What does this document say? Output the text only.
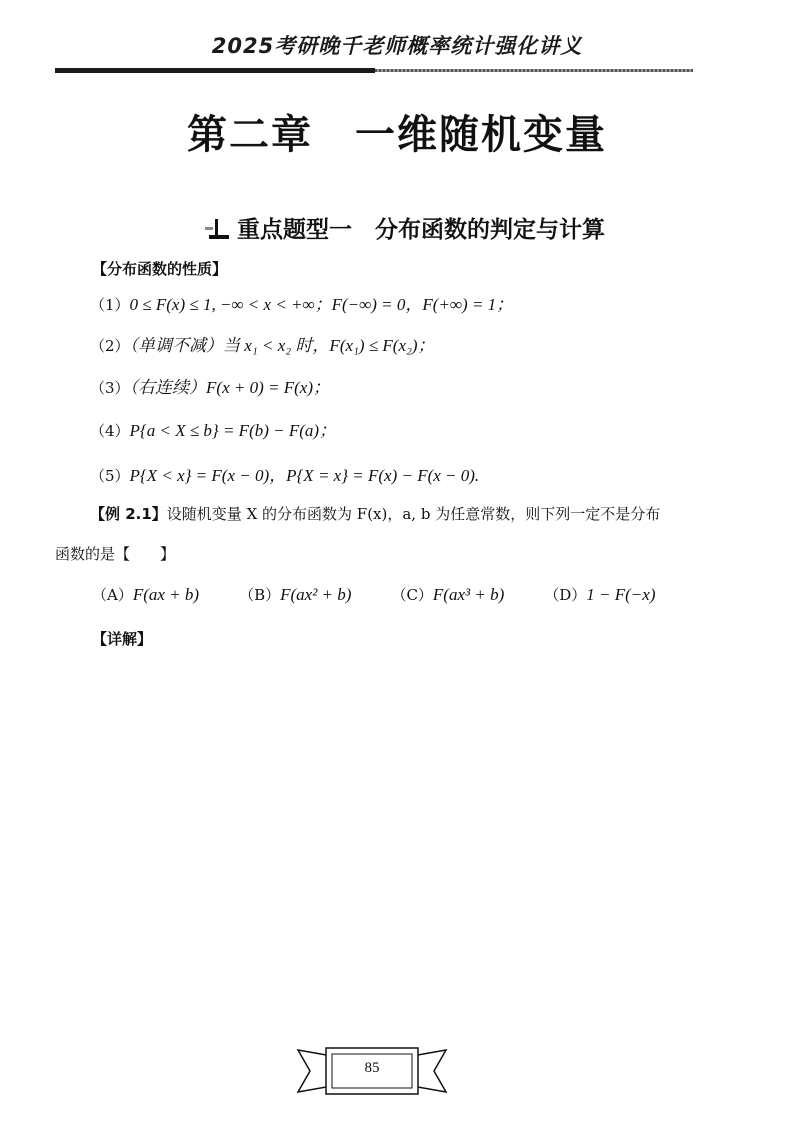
2025考研晚千老师概率统计强化讲义
第二章　一维随机变量

重点题型一　分布函数的判定与计算

【分布函数的性质】
（1）0 ≤ F(x) ≤ 1, −∞ < x < +∞；F(−∞) = 0，F(+∞) = 1；
（2）（单调不减）当 x₁ < x₂ 时，F(x₁) ≤ F(x₂)；
（3）（右连续）F(x + 0) = F(x)；
（4）P{a < X ≤ b} = F(b) − F(a)；
（5）P{X < x} = F(x − 0)，P{X = x} = F(x) − F(x − 0).
【例 2.1】设随机变量 X 的分布函数为 F(x)，a, b 为任意常数，则下列一定不是分布
函数的是【　　】
（A）F(ax + b)	（B）F(ax² + b)	（C）F(ax³ + b)	（D）1 − F(−x)
【详解】
85
